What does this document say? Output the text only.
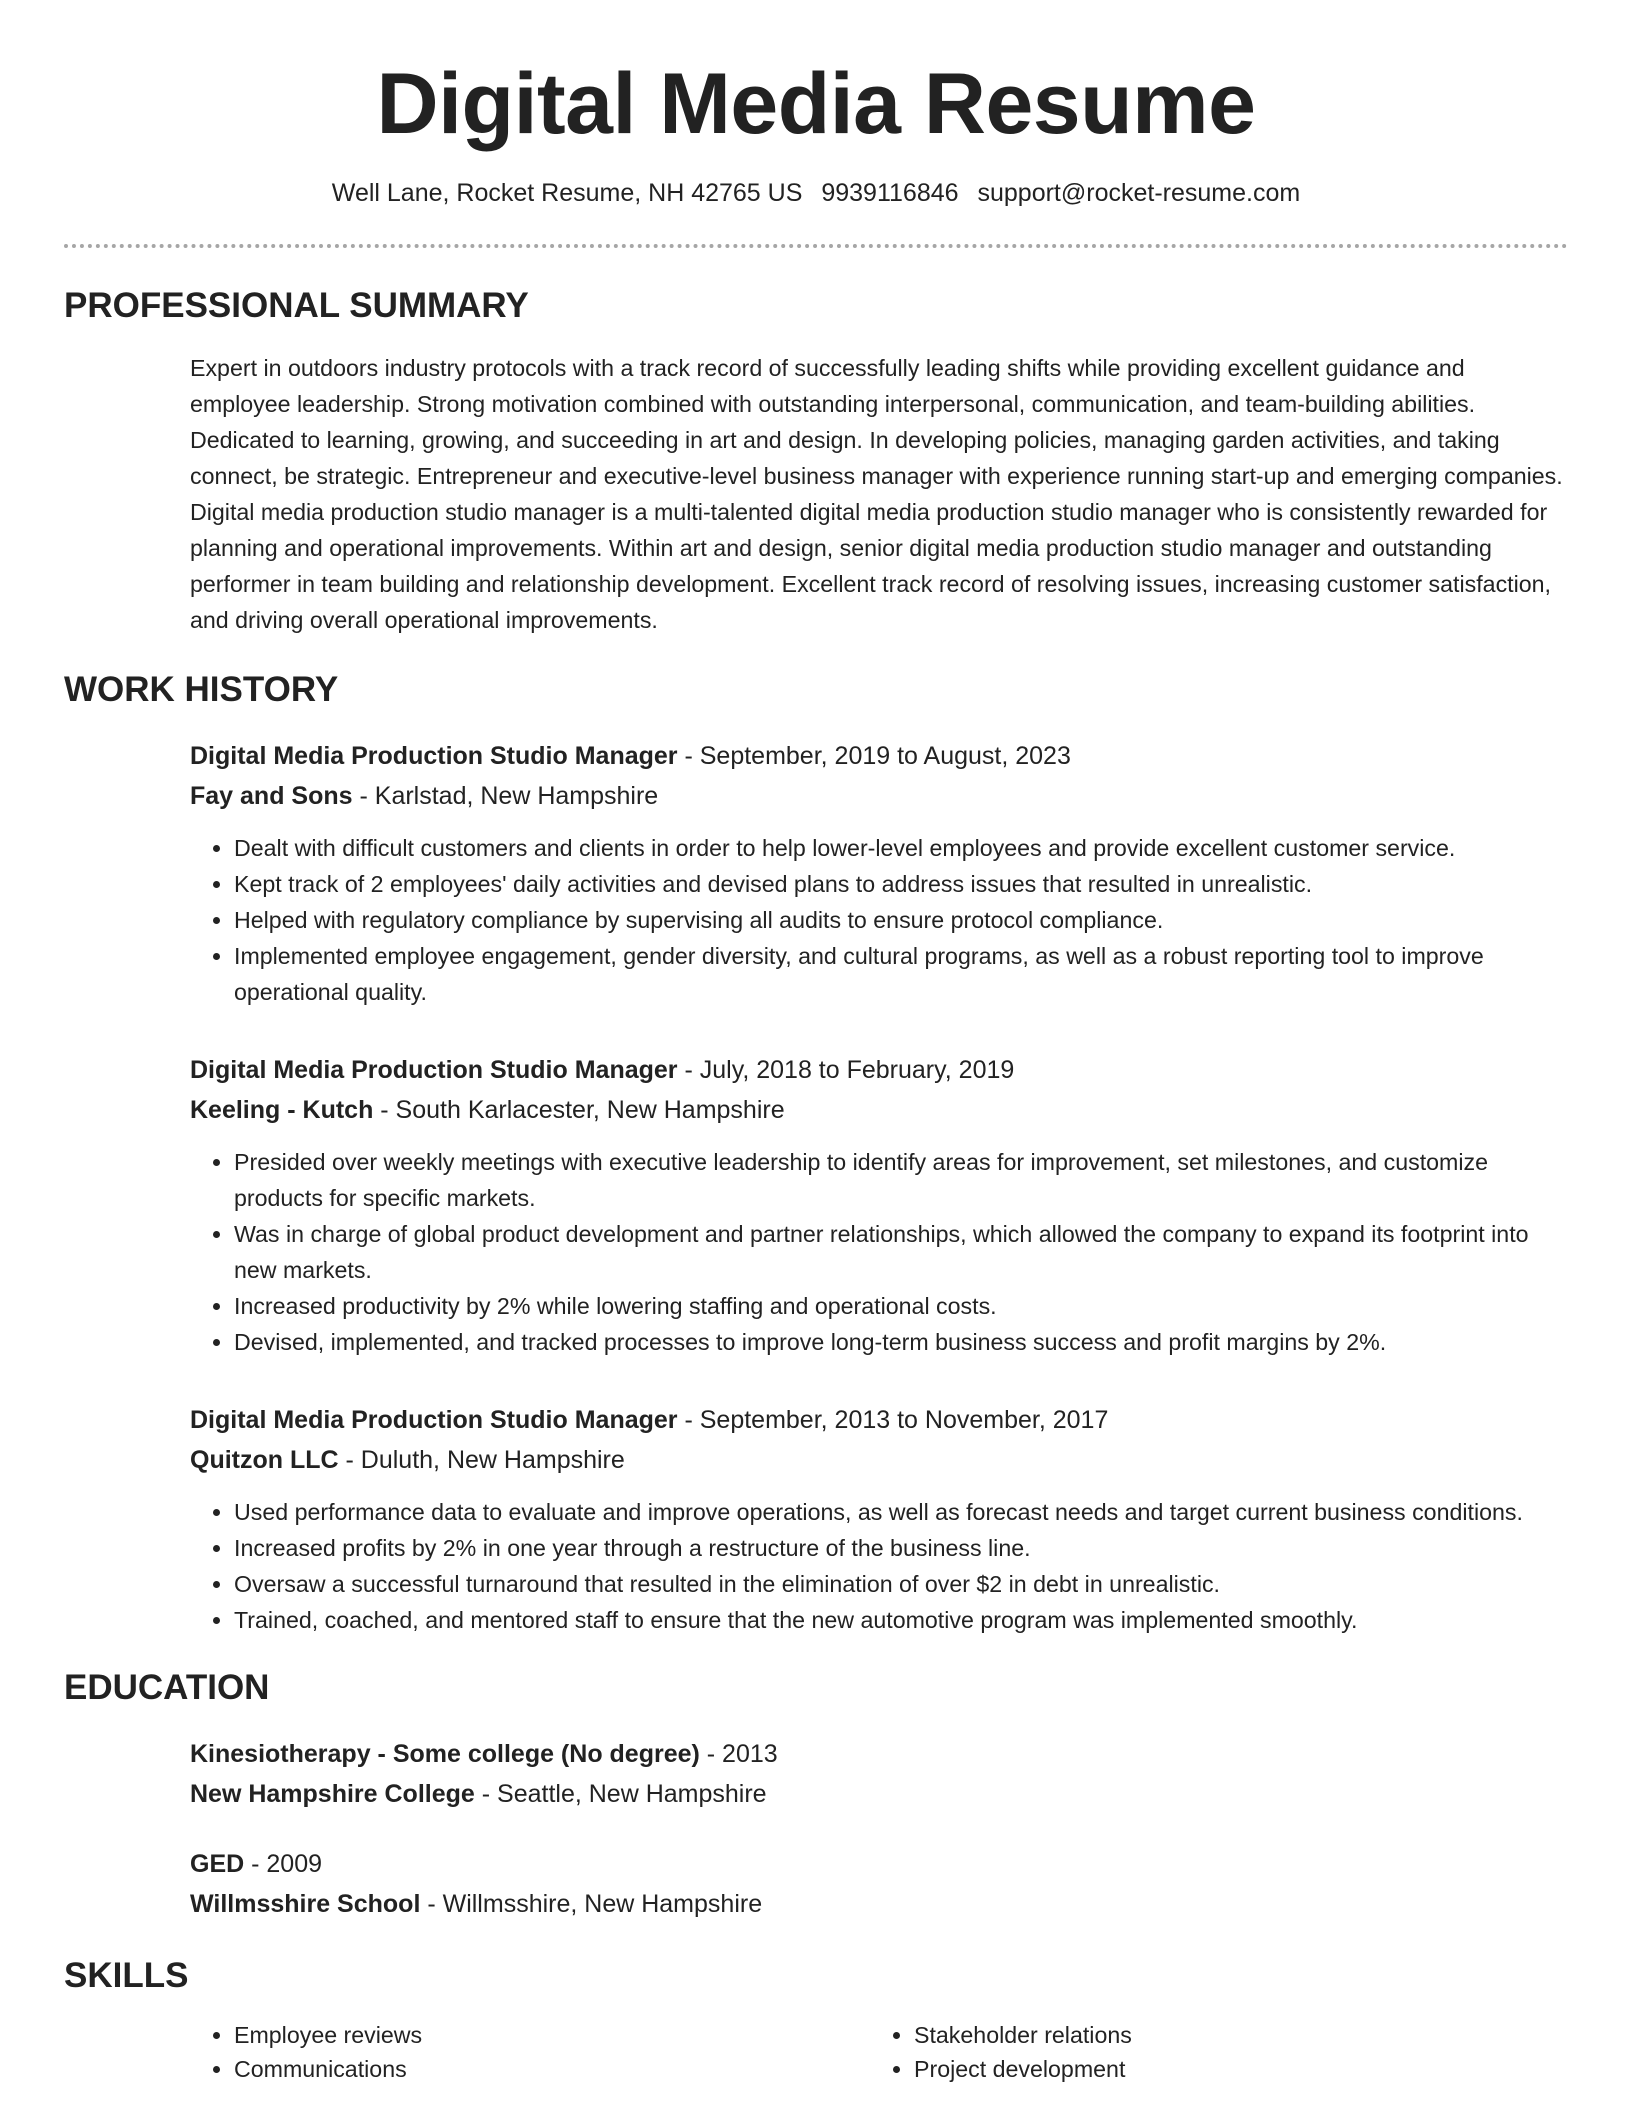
Digital Media Resume
Well Lane, Rocket Resume, NH 42765 US 9939116846 support@rocket-resume.com
PROFESSIONAL SUMMARY
Expert in outdoors industry protocols with a track record of successfully leading shifts while providing excellent guidance and employee leadership. Strong motivation combined with outstanding interpersonal, communication, and team-building abilities. Dedicated to learning, growing, and succeeding in art and design. In developing policies, managing garden activities, and taking connect, be strategic. Entrepreneur and executive-level business manager with experience running start-up and emerging companies. Digital media production studio manager is a multi-talented digital media production studio manager who is consistently rewarded for planning and operational improvements. Within art and design, senior digital media production studio manager and outstanding performer in team building and relationship development. Excellent track record of resolving issues, increasing customer satisfaction, and driving overall operational improvements.
WORK HISTORY
Digital Media Production Studio Manager - September, 2019 to August, 2023
Fay and Sons - Karlstad, New Hampshire
• Dealt with difficult customers and clients in order to help lower-level employees and provide excellent customer service.
• Kept track of 2 employees' daily activities and devised plans to address issues that resulted in unrealistic.
• Helped with regulatory compliance by supervising all audits to ensure protocol compliance.
• Implemented employee engagement, gender diversity, and cultural programs, as well as a robust reporting tool to improve operational quality.
Digital Media Production Studio Manager - July, 2018 to February, 2019
Keeling - Kutch - South Karlacester, New Hampshire
• Presided over weekly meetings with executive leadership to identify areas for improvement, set milestones, and customize products for specific markets.
• Was in charge of global product development and partner relationships, which allowed the company to expand its footprint into new markets.
• Increased productivity by 2% while lowering staffing and operational costs.
• Devised, implemented, and tracked processes to improve long-term business success and profit margins by 2%.
Digital Media Production Studio Manager - September, 2013 to November, 2017
Quitzon LLC - Duluth, New Hampshire
• Used performance data to evaluate and improve operations, as well as forecast needs and target current business conditions.
• Increased profits by 2% in one year through a restructure of the business line.
• Oversaw a successful turnaround that resulted in the elimination of over $2 in debt in unrealistic.
• Trained, coached, and mentored staff to ensure that the new automotive program was implemented smoothly.
EDUCATION
Kinesiotherapy - Some college (No degree) - 2013
New Hampshire College - Seattle, New Hampshire
GED - 2009
Willmsshire School - Willmsshire, New Hampshire
SKILLS
• Employee reviews
• Communications
• Stakeholder relations
• Project development
